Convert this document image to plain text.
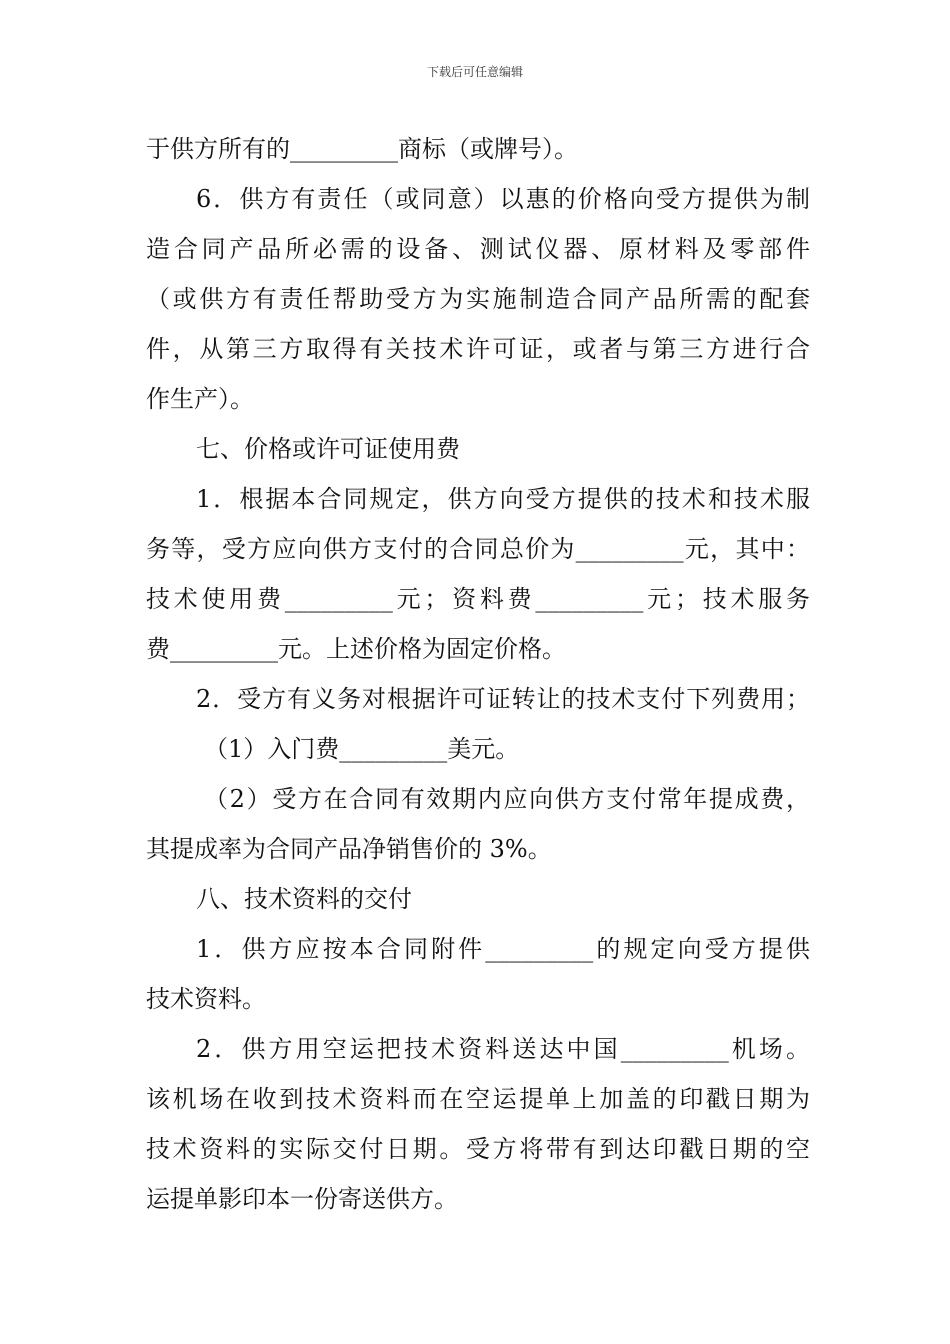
下载后可任意编辑
于供方所有的_________商标（或牌号）。
6．供方有责任（或同意）以惠的价格向受方提供为制
造合同产品所必需的设备、测试仪器、原材料及零部件
（或供方有责任帮助受方为实施制造合同产品所需的配套
件，从第三方取得有关技术许可证，或者与第三方进行合
作生产）。
七、价格或许可证使用费
1．根据本合同规定，供方向受方提供的技术和技术服
务等，受方应向供方支付的合同总价为_________元，其中：
技术使用费_________元；资料费_________元；技术服务
费_________元。上述价格为固定价格。
2．受方有义务对根据许可证转让的技术支付下列费用；
（1）入门费_________美元。
（2）受方在合同有效期内应向供方支付常年提成费，
其提成率为合同产品净销售价的 3%。
八、技术资料的交付
1．供方应按本合同附件_________的规定向受方提供
技术资料。
2．供方用空运把技术资料送达中国_________机场。
该机场在收到技术资料而在空运提单上加盖的印戳日期为
技术资料的实际交付日期。受方将带有到达印戳日期的空
运提单影印本一份寄送供方。
